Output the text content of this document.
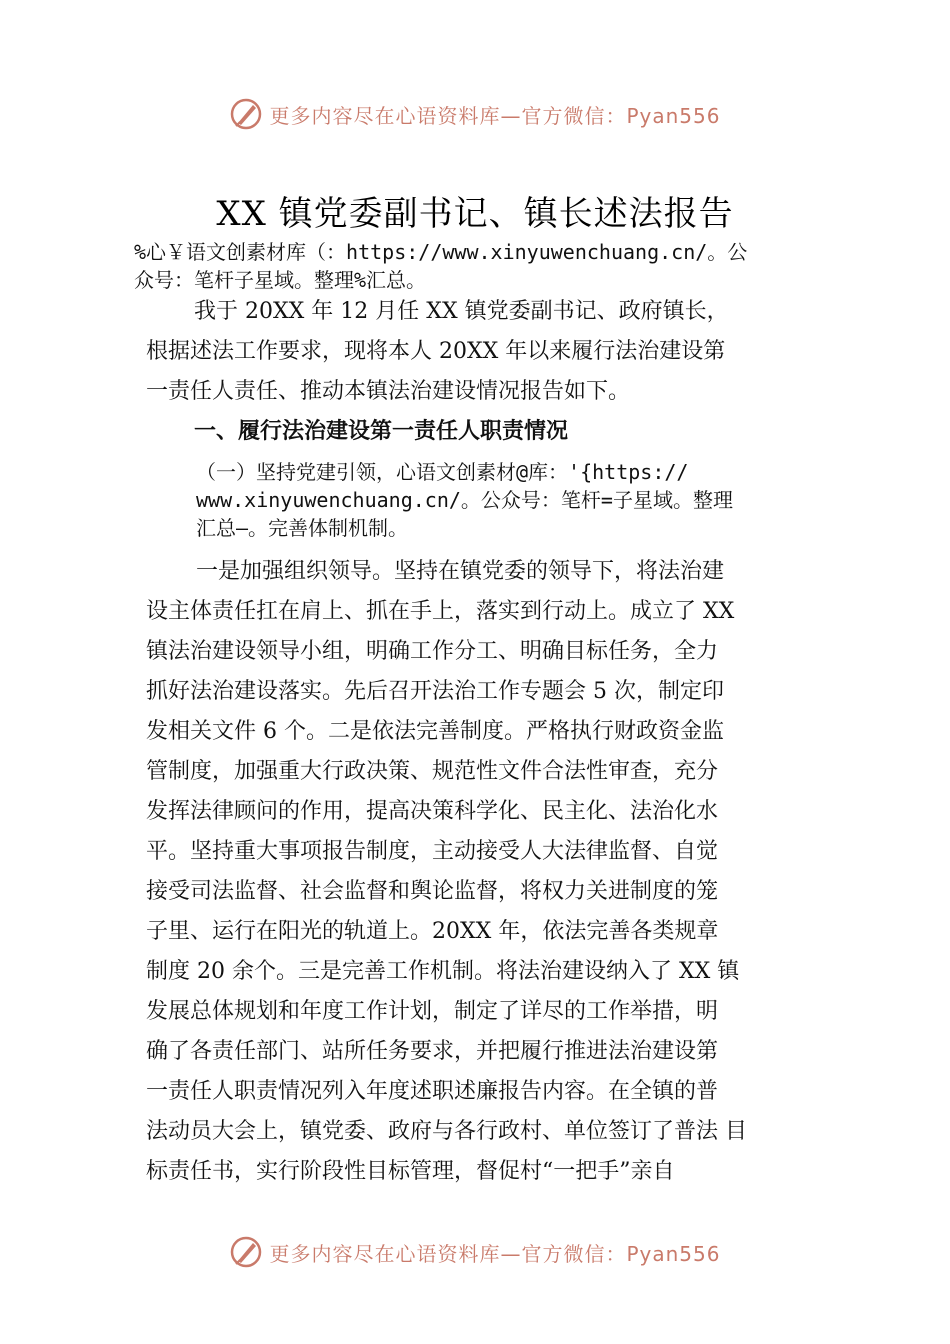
更多内容尽在心语资料库—官方微信：Pyan556
XX 镇党委副书记、镇长述法报告
%心￥语文创素材库（：https://www.xinyuwenchuang.cn/。公
众号：笔杆子星域。整理%汇总。
我于 20XX 年 12 月任 XX 镇党委副书记、政府镇长，
根据述法工作要求，现将本人 20XX 年以来履行法治建设第
一责任人责任、推动本镇法治建设情况报告如下。
一、履行法治建设第一责任人职责情况
（一）坚持党建引领，心语文创素材@库：'{https://
www.xinyuwenchuang.cn/。公众号：笔杆=子星域。整理
汇总—。完善体制机制。
一是加强组织领导。坚持在镇党委的领导下，将法治建
设主体责任扛在肩上、抓在手上，落实到行动上。成立了 XX
镇法治建设领导小组，明确工作分工、明确目标任务，全力
抓好法治建设落实。先后召开法治工作专题会 5 次，制定印
发相关文件 6 个。二是依法完善制度。严格执行财政资金监
管制度，加强重大行政决策、规范性文件合法性审查，充分
发挥法律顾问的作用，提高决策科学化、民主化、法治化水
平。坚持重大事项报告制度，主动接受人大法律监督、自觉
接受司法监督、社会监督和舆论监督，将权力关进制度的笼
子里、运行在阳光的轨道上。20XX 年，依法完善各类规章
制度 20 余个。三是完善工作机制。将法治建设纳入了 XX 镇
发展总体规划和年度工作计划，制定了详尽的工作举措，明
确了各责任部门、站所任务要求，并把履行推进法治建设第
一责任人职责情况列入年度述职述廉报告内容。在全镇的普
法动员大会上，镇党委、政府与各行政村、单位签订了普法 目
标责任书，实行阶段性目标管理，督促村“一把手”亲自
更多内容尽在心语资料库—官方微信：Pyan556
